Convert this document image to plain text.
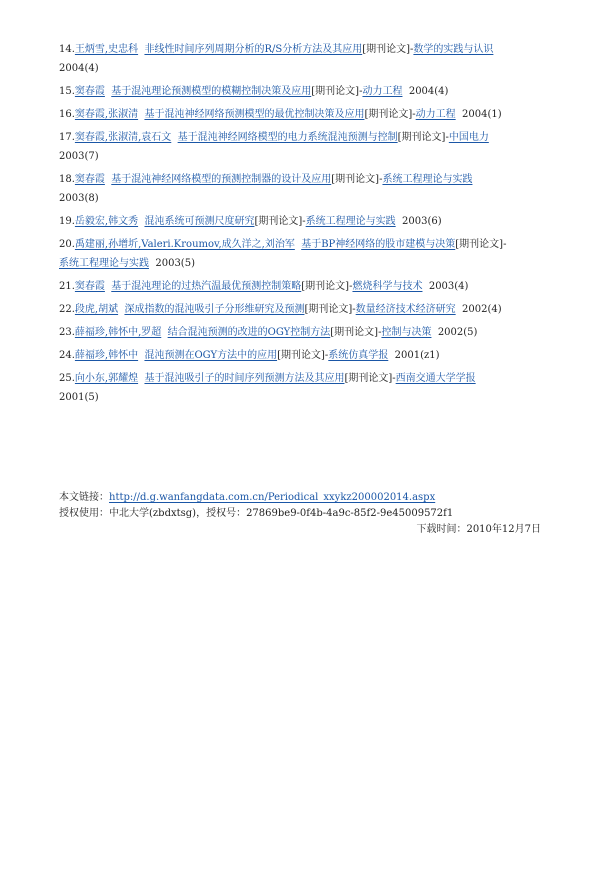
14.王炳雪,史忠科 非线性时间序列周期分析的R/S分析方法及其应用[期刊论文]-数学的实践与认识
2004(4)
15.窦春霞 基于混沌理论预测模型的模糊控制决策及应用[期刊论文]-动力工程 2004(4)
16.窦春霞,张淑清 基于混沌神经网络预测模型的最优控制决策及应用[期刊论文]-动力工程 2004(1)
17.窦春霞,张淑清,袁石文 基于混沌神经网络模型的电力系统混沌预测与控制[期刊论文]-中国电力
2003(7)
18.窦春霞 基于混沌神经网络模型的预测控制器的设计及应用[期刊论文]-系统工程理论与实践
2003(8)
19.岳毅宏,韩文秀 混沌系统可预测尺度研究[期刊论文]-系统工程理论与实践 2003(6)
20.禹建丽,孙增圻,Valeri.Kroumov,成久洋之,刘治军 基于BP神经网络的股市建模与决策[期刊论文]-
系统工程理论与实践 2003(5)
21.窦春霞 基于混沌理论的过热汽温最优预测控制策略[期刊论文]-燃烧科学与技术 2003(4)
22.段虎,胡斌 深成指数的混沌吸引子分形维研究及预测[期刊论文]-数量经济技术经济研究 2002(4)
23.薛福珍,韩怀中,罗超 结合混沌预测的改进的OGY控制方法[期刊论文]-控制与决策 2002(5)
24.薛福珍,韩怀中 混沌预测在OGY方法中的应用[期刊论文]-系统仿真学报 2001(z1)
25.向小东,郭耀煌 基于混沌吸引子的时间序列预测方法及其应用[期刊论文]-西南交通大学学报
2001(5)
本文链接：http://d.g.wanfangdata.com.cn/Periodical_xxykz200002014.aspx
授权使用：中北大学(zbdxtsg)，授权号：27869be9-0f4b-4a9c-85f2-9e45009572f1
下载时间：2010年12月7日
